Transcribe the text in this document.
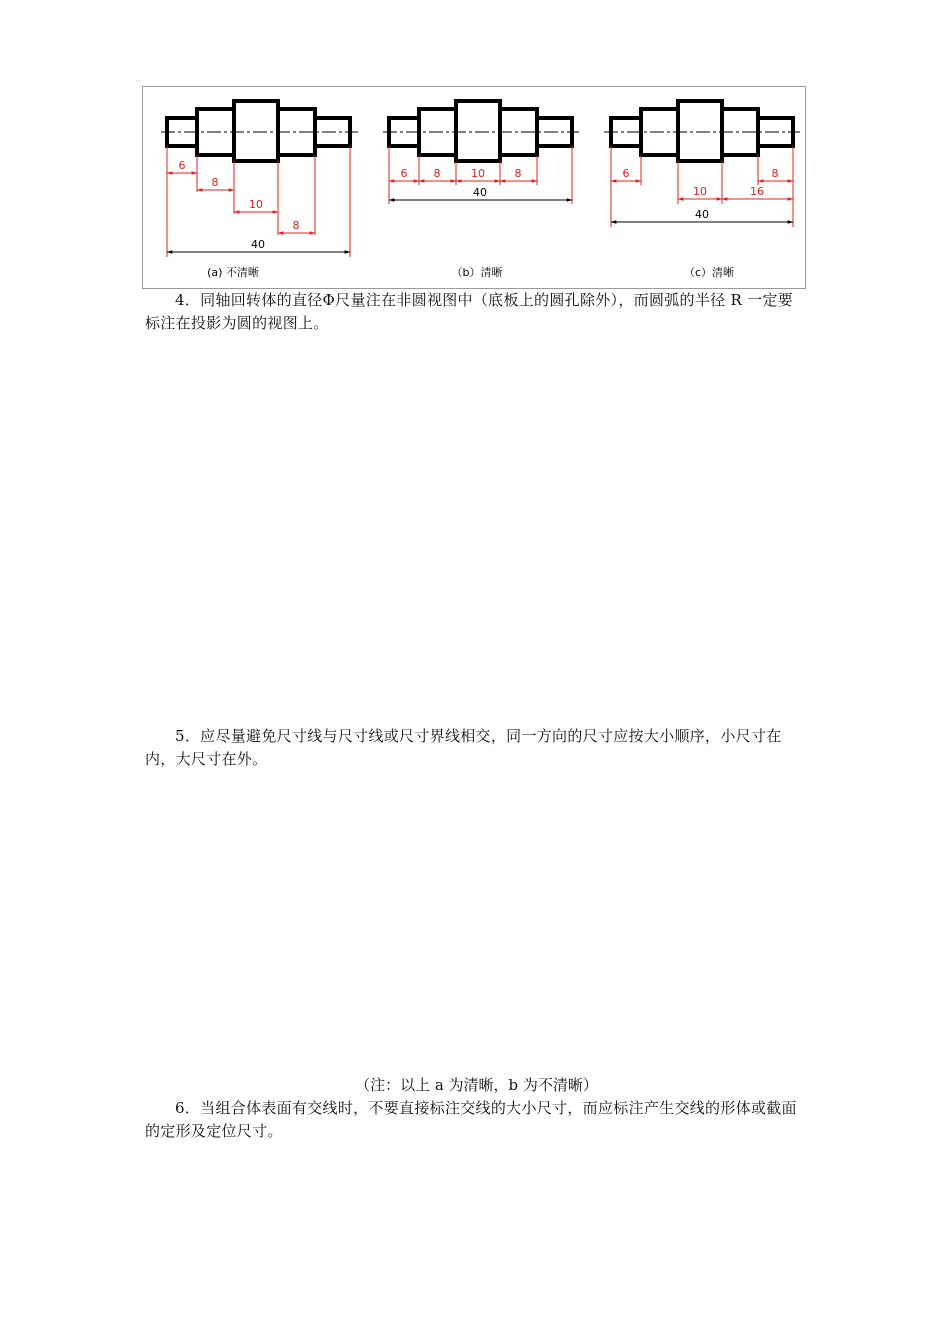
6
8
10
8
40
(a) 不清晰
6 8	10	8
40
（b）清晰
6
10	16
8
40
（c）清晰

4．同轴回转体的直径Φ尺量注在非圆视图中（底板上的圆孔除外），而圆弧的半径 R 一定要标注在投影为圆的视图上。

5．应尽量避免尺寸线与尺寸线或尺寸界线相交，同一方向的尺寸应按大小顺序，小尺寸在内，大尺寸在外。

（注：以上 a 为清晰，b 为不清晰）

6．当组合体表面有交线时，不要直接标注交线的大小尺寸，而应标注产生交线的形体或截面的定形及定位尺寸。
